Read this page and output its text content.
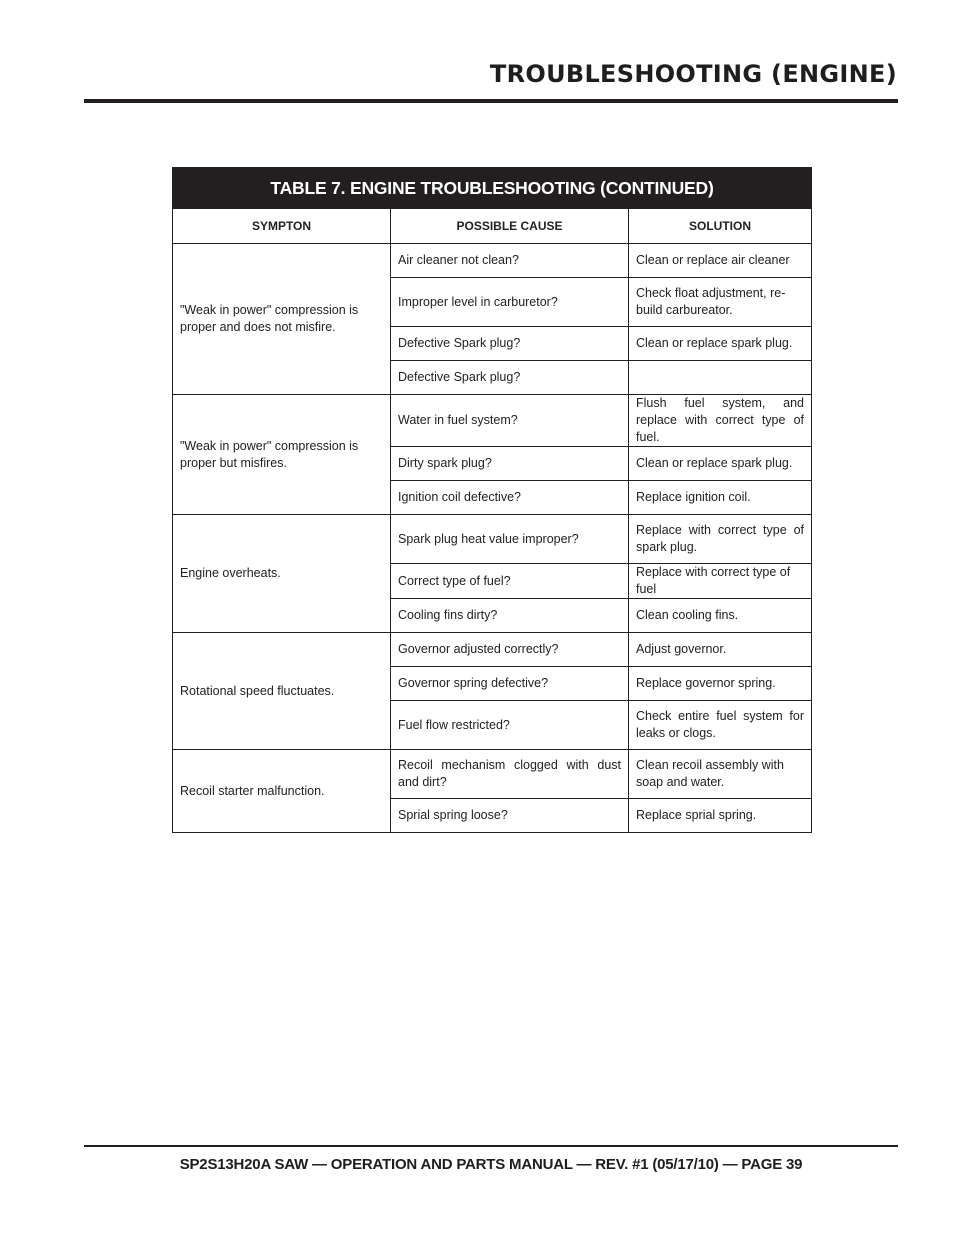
TROUBLESHOOTING (ENGINE)
TABLE 7. ENGINE TROUBLESHOOTING (CONTINUED)		
SYMPTON	POSSIBLE CAUSE	SOLUTION
"Weak in power" compression is proper and does not misfire.	Air cleaner not clean?	Clean or replace air cleaner
	Improper level in carburetor?	Check float adjustment, re-build carbureator.
	Defective Spark plug?	Clean or replace spark plug.
	Defective Spark plug?	
"Weak in power" compression is proper but misfires.	Water in fuel system?	Flush fuel system, and replace with correct type of fuel.
	Dirty spark plug?	Clean or replace spark plug.
	Ignition coil defective?	Replace ignition coil.
Engine overheats.	Spark plug heat value improper?	Replace with correct type of spark plug.
	Correct type of fuel?	Replace with correct type of fuel
	Cooling fins dirty?	Clean cooling fins.
Rotational speed fluctuates.	Governor adjusted correctly?	Adjust governor.
	Governor spring defective?	Replace governor spring.
	Fuel flow restricted?	Check entire fuel system for leaks or clogs.
Recoil starter malfunction.	Recoil mechanism clogged with dust and dirt?	Clean recoil assembly with soap and water.
	Sprial spring loose?	Replace sprial spring.
SP2S13H20A SAW — OPERATION AND PARTS MANUAL — REV. #1 (05/17/10) — PAGE 39
